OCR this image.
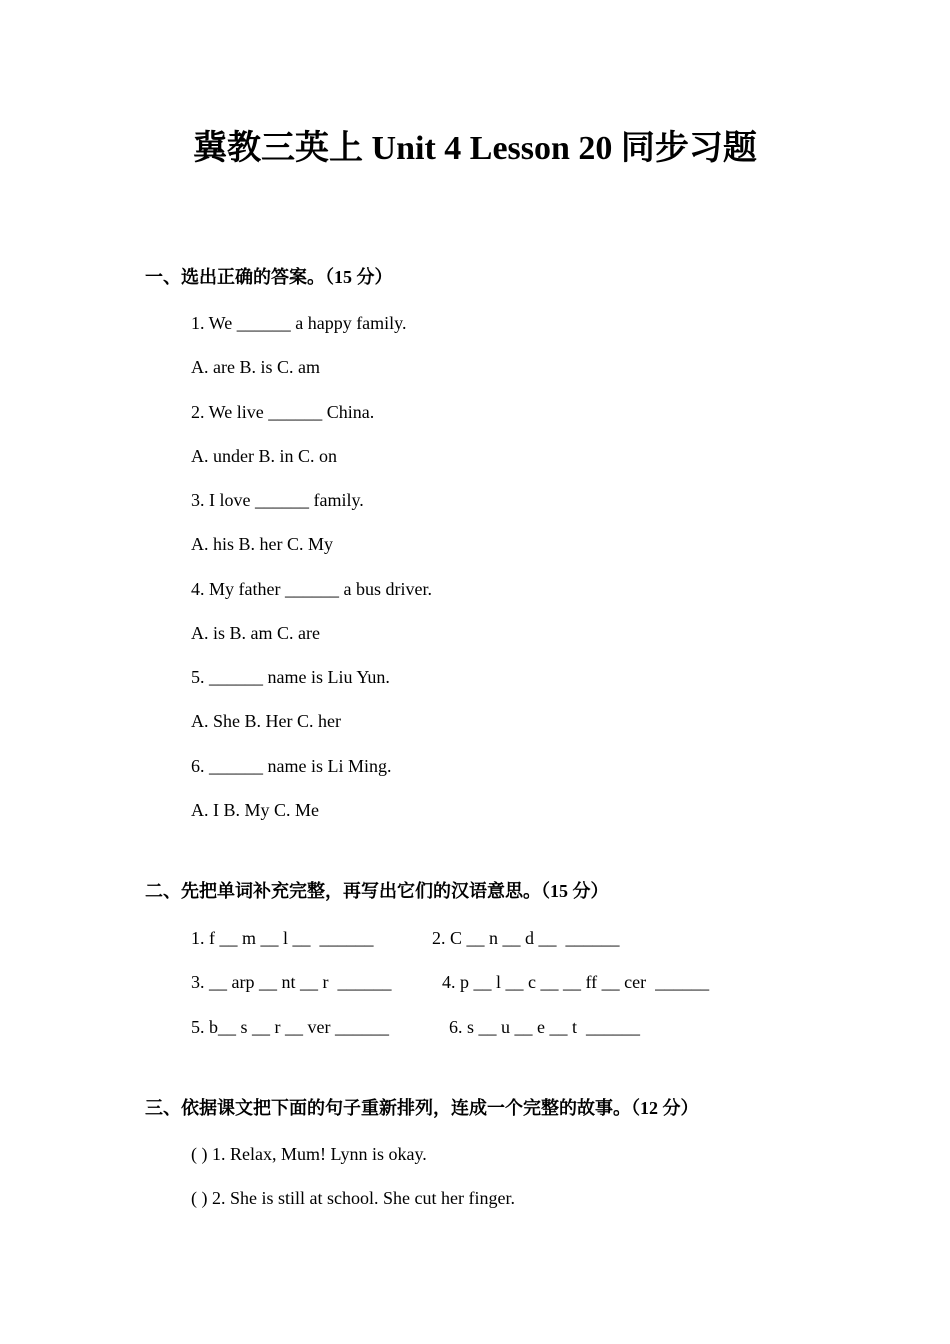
冀教三英上 Unit 4 Lesson 20 同步习题
一、选出正确的答案。（15 分）
1. We ______ a happy family.
A. are B. is C. am
2. We live ______ China.
A. under B. in C. on
3. I love ______ family.
A. his B. her C. My
4. My father ______ a bus driver.
A. is B. am C. are
5. ______ name is Liu Yun.
A. She B. Her C. her
6. ______ name is Li Ming.
A. I B. My C. Me
二、先把单词补充完整，再写出它们的汉语意思。（15 分）
1. f __ m __ l __  ______	2. C __ n __ d __  ______
3. __ arp __ nt __ r  ______	4. p __ l __ c __ __ ff __ cer  ______
5. b__ s __ r __ ver ______	6. s __ u __ e __ t  ______
三、依据课文把下面的句子重新排列，连成一个完整的故事。（12 分）
( ) 1. Relax, Mum! Lynn is okay.
( ) 2. She is still at school. She cut her finger.
